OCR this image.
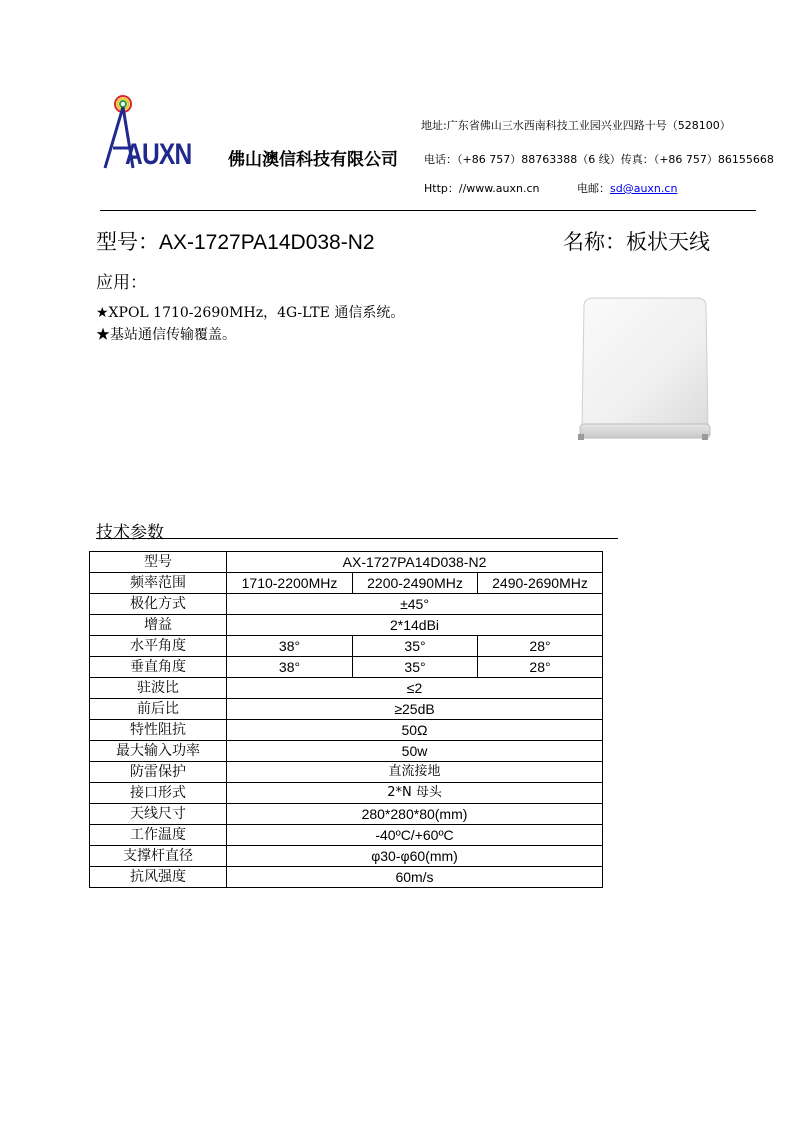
AUXN 佛山澳信科技有限公司
地址:广东省佛山三水西南科技工业园兴业四路十号（528100）
电话：（+86 757）88763388（6 线）传真：（+86 757）86155668
Http：//www.auxn.cn	电邮：sd@auxn.cn
型号：AX-1727PA14D038-N2	名称：板状天线
应用：
★XPOL 1710-2690MHz，4G-LTE 通信系统。
★基站通信传输覆盖。
技术参数
型号	AX-1727PA14D038-N2		
频率范围	1710-2200MHz	2200-2490MHz	2490-2690MHz
极化方式	±45°		
增益	2*14dBi		
水平角度	38°	35°	28°
垂直角度	38°	35°	28°
驻波比	≤2		
前后比	≥25dB		
特性阻抗	50Ω		
最大输入功率	50w		
防雷保护	直流接地		
接口形式	2*N 母头		
天线尺寸	280*280*80(mm)		
工作温度	-40ºC/+60ºC		
支撑杆直径	φ30-φ60(mm)		
抗风强度	60m/s		
